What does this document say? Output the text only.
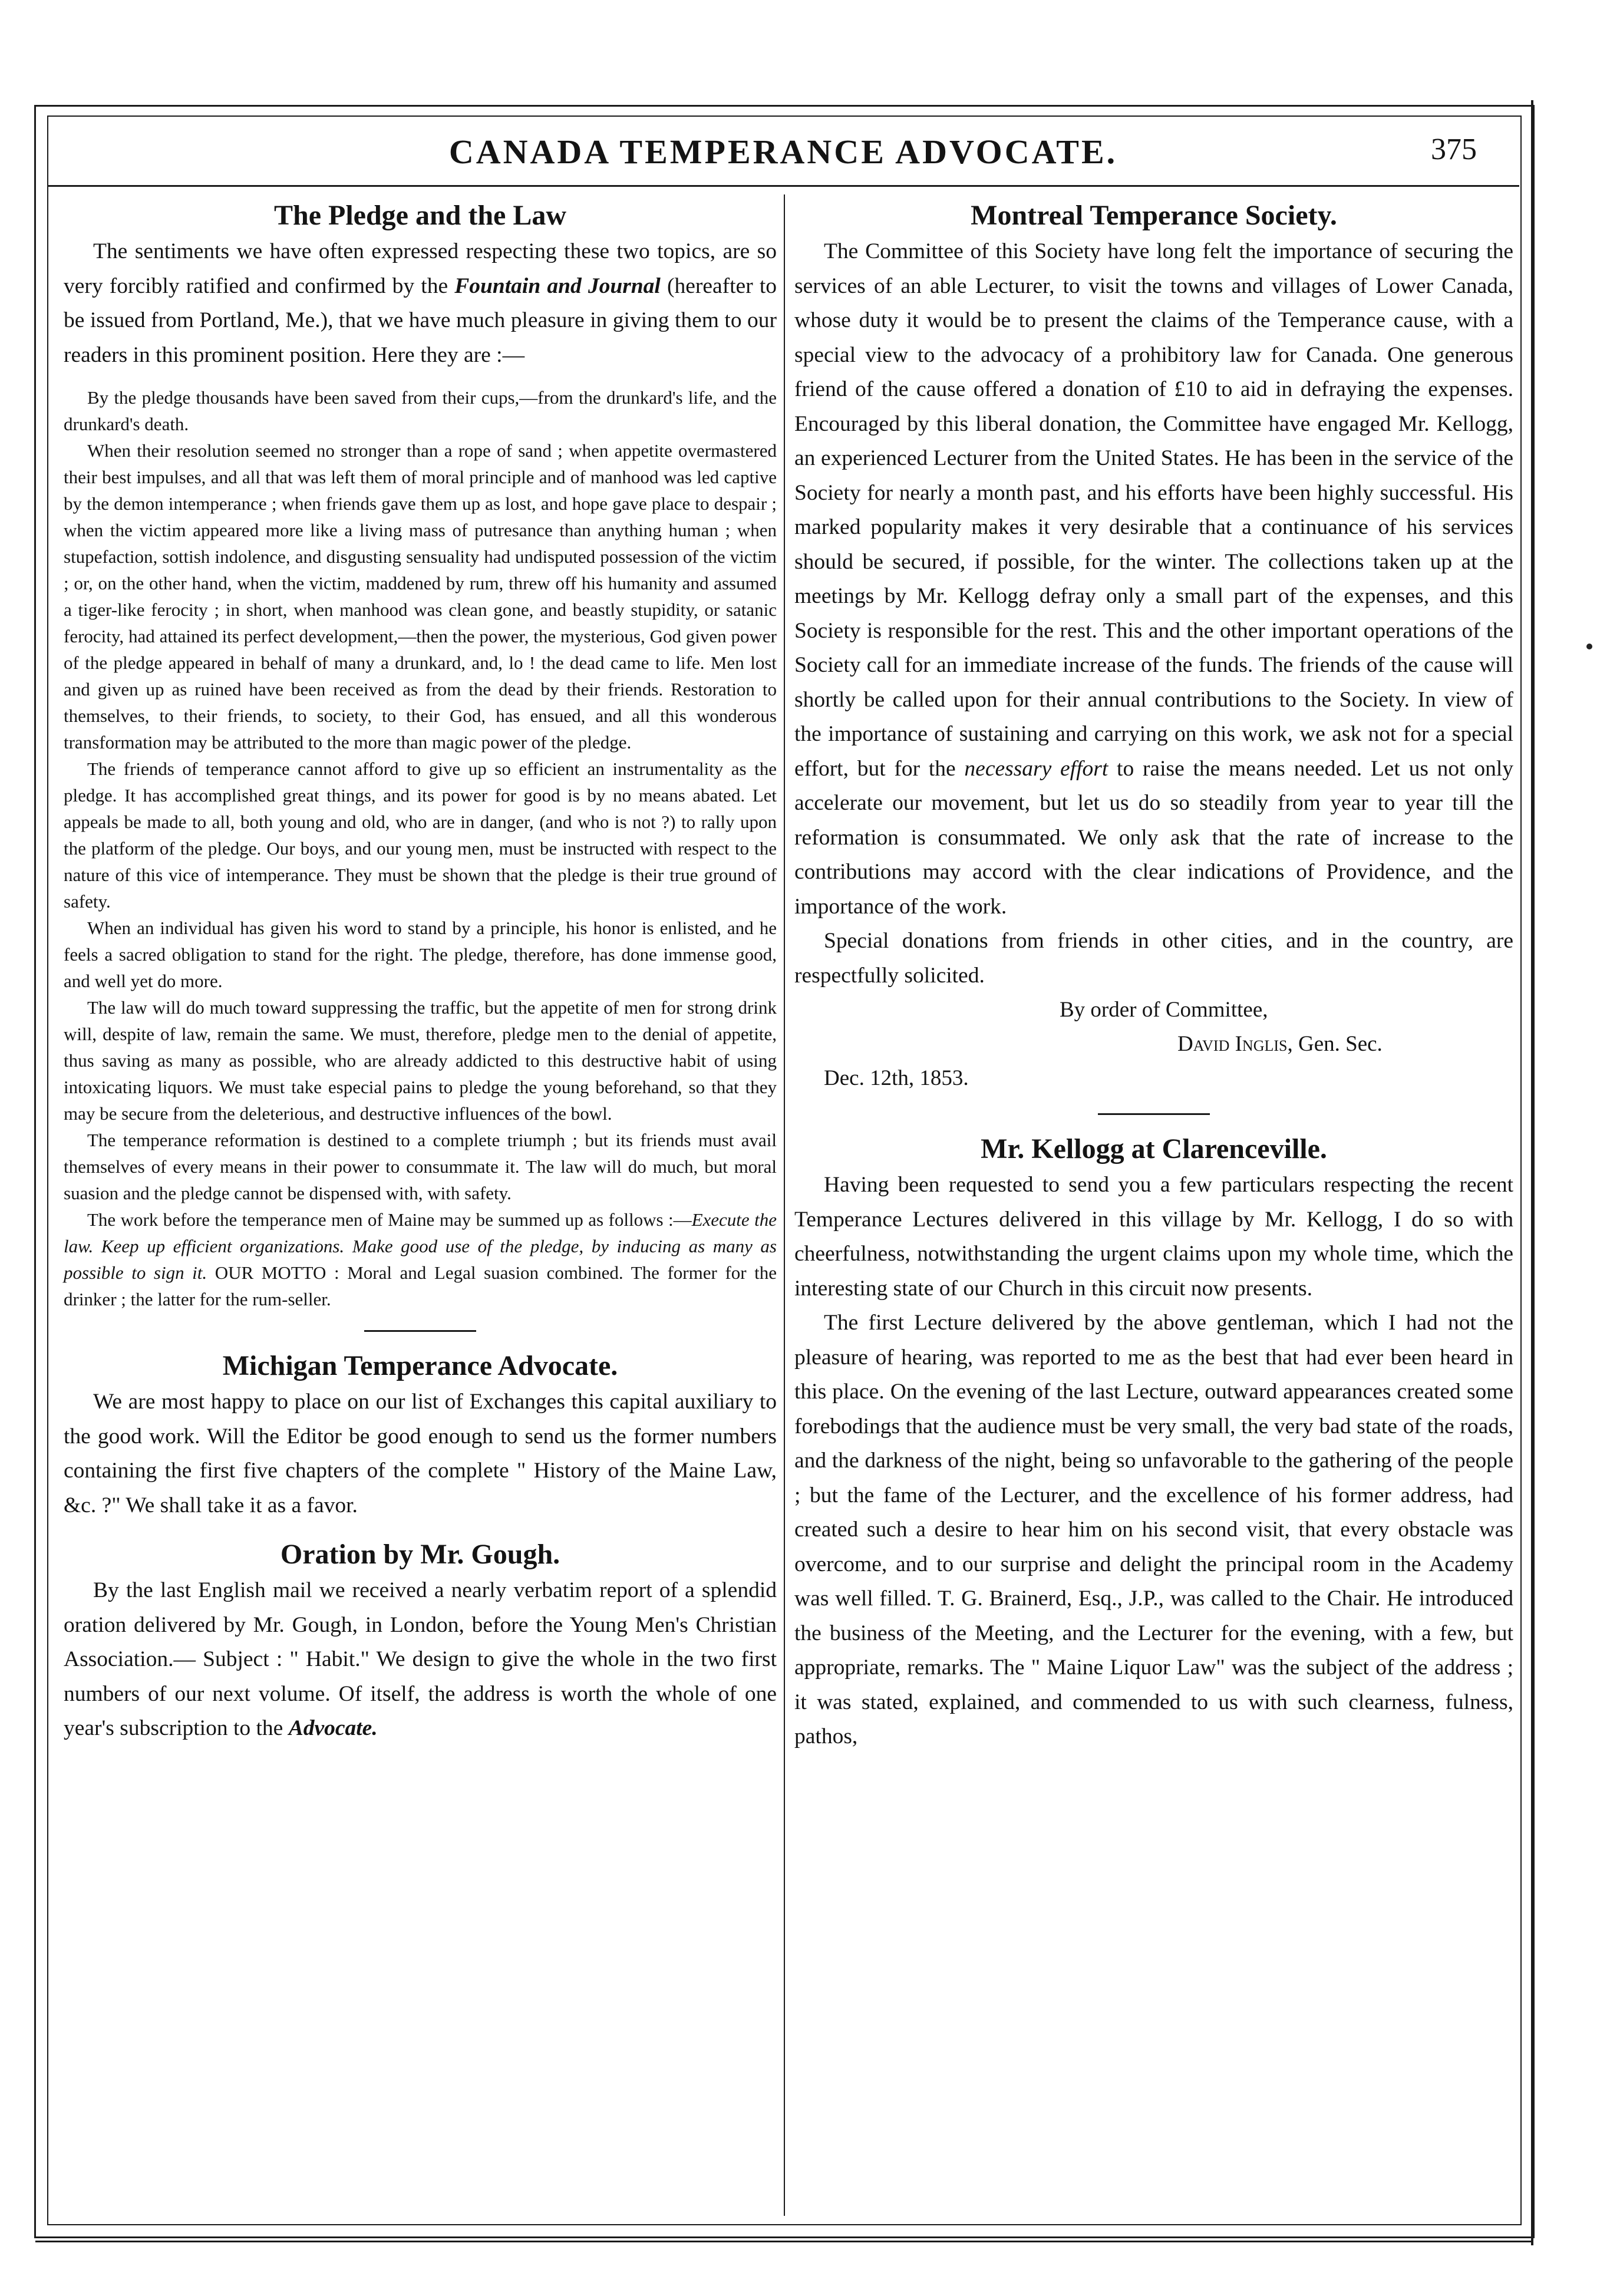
CANADA TEMPERANCE ADVOCATE.	375
The Pledge and the Law

The sentiments we have often expressed respecting these two topics, are so very forcibly ratified and confirmed by the Fountain and Journal (hereafter to be issued from Portland, Me.), that we have much pleasure in giving them to our readers in this prominent position. Here they are :—

By the pledge thousands have been saved from their cups,—from the drunkard's life, and the drunkard's death.

When their resolution seemed no stronger than a rope of sand ; when appetite overmastered their best impulses, and all that was left them of moral principle and of manhood was led captive by the demon intemperance ; when friends gave them up as lost, and hope gave place to despair ; when the victim appeared more like a living mass of putresance than anything human ; when stupefaction, sottish indolence, and disgusting sensuality had undisputed possession of the victim ; or, on the other hand, when the victim, maddened by rum, threw off his humanity and assumed a tiger-like ferocity ; in short, when manhood was clean gone, and beastly stupidity, or satanic ferocity, had attained its perfect development,—then the power, the mysterious, God given power of the pledge appeared in behalf of many a drunkard, and, lo ! the dead came to life. Men lost and given up as ruined have been received as from the dead by their friends. Restoration to themselves, to their friends, to society, to their God, has ensued, and all this wonderous transformation may be attributed to the more than magic power of the pledge.

The friends of temperance cannot afford to give up so efficient an instrumentality as the pledge. It has accomplished great things, and its power for good is by no means abated. Let appeals be made to all, both young and old, who are in danger, (and who is not ?) to rally upon the platform of the pledge. Our boys, and our young men, must be instructed with respect to the nature of this vice of intemperance. They must be shown that the pledge is their true ground of safety.

When an individual has given his word to stand by a principle, his honor is enlisted, and he feels a sacred obligation to stand for the right. The pledge, therefore, has done immense good, and well yet do more.

The law will do much toward suppressing the traffic, but the appetite of men for strong drink will, despite of law, remain the same. We must, therefore, pledge men to the denial of appetite, thus saving as many as possible, who are already addicted to this destructive habit of using intoxicating liquors. We must take especial pains to pledge the young beforehand, so that they may be secure from the deleterious, and destructive influences of the bowl.

The temperance reformation is destined to a complete triumph ; but its friends must avail themselves of every means in their power to consummate it. The law will do much, but moral suasion and the pledge cannot be dispensed with, with safety.

The work before the temperance men of Maine may be summed up as follows :—Execute the law. Keep up efficient organizations. Make good use of the pledge, by inducing as many as possible to sign it. OUR MOTTO : Moral and Legal suasion combined. The former for the drinker ; the latter for the rum-seller.

Michigan Temperance Advocate.

We are most happy to place on our list of Exchanges this capital auxiliary to the good work. Will the Editor be good enough to send us the former numbers containing the first five chapters of the complete " History of the Maine Law, &c. ?" We shall take it as a favor.

Oration by Mr. Gough.

By the last English mail we received a nearly verbatim report of a splendid oration delivered by Mr. Gough, in London, before the Young Men's Christian Association.— Subject : " Habit." We design to give the whole in the two first numbers of our next volume. Of itself, the address is worth the whole of one year's subscription to the Advocate.

Montreal Temperance Society.

The Committee of this Society have long felt the importance of securing the services of an able Lecturer, to visit the towns and villages of Lower Canada, whose duty it would be to present the claims of the Temperance cause, with a special view to the advocacy of a prohibitory law for Canada. One generous friend of the cause offered a donation of £10 to aid in defraying the expenses. Encouraged by this liberal donation, the Committee have engaged Mr. Kellogg, an experienced Lecturer from the United States. He has been in the service of the Society for nearly a month past, and his efforts have been highly successful. His marked popularity makes it very desirable that a continuance of his services should be secured, if possible, for the winter. The collections taken up at the meetings by Mr. Kellogg defray only a small part of the expenses, and this Society is responsible for the rest. This and the other important operations of the Society call for an immediate increase of the funds. The friends of the cause will shortly be called upon for their annual contributions to the Society. In view of the importance of sustaining and carrying on this work, we ask not for a special effort, but for the necessary effort to raise the means needed. Let us not only accelerate our movement, but let us do so steadily from year to year till the reformation is consummated. We only ask that the rate of increase to the contributions may accord with the clear indications of Providence, and the importance of the work.

Special donations from friends in other cities, and in the country, are respectfully solicited.

By order of Committee,
David Inglis, Gen. Sec.
Dec. 12th, 1853.
Mr. Kellogg at Clarenceville.

Having been requested to send you a few particulars respecting the recent Temperance Lectures delivered in this village by Mr. Kellogg, I do so with cheerfulness, notwithstanding the urgent claims upon my whole time, which the interesting state of our Church in this circuit now presents.

The first Lecture delivered by the above gentleman, which I had not the pleasure of hearing, was reported to me as the best that had ever been heard in this place. On the evening of the last Lecture, outward appearances created some forebodings that the audience must be very small, the very bad state of the roads, and the darkness of the night, being so unfavorable to the gathering of the people ; but the fame of the Lecturer, and the excellence of his former address, had created such a desire to hear him on his second visit, that every obstacle was overcome, and to our surprise and delight the principal room in the Academy was well filled. T. G. Brainerd, Esq., J.P., was called to the Chair. He introduced the business of the Meeting, and the Lecturer for the evening, with a few, but appropriate, remarks. The " Maine Liquor Law" was the subject of the address ; it was stated, explained, and commended to us with such clearness, fulness, pathos,
